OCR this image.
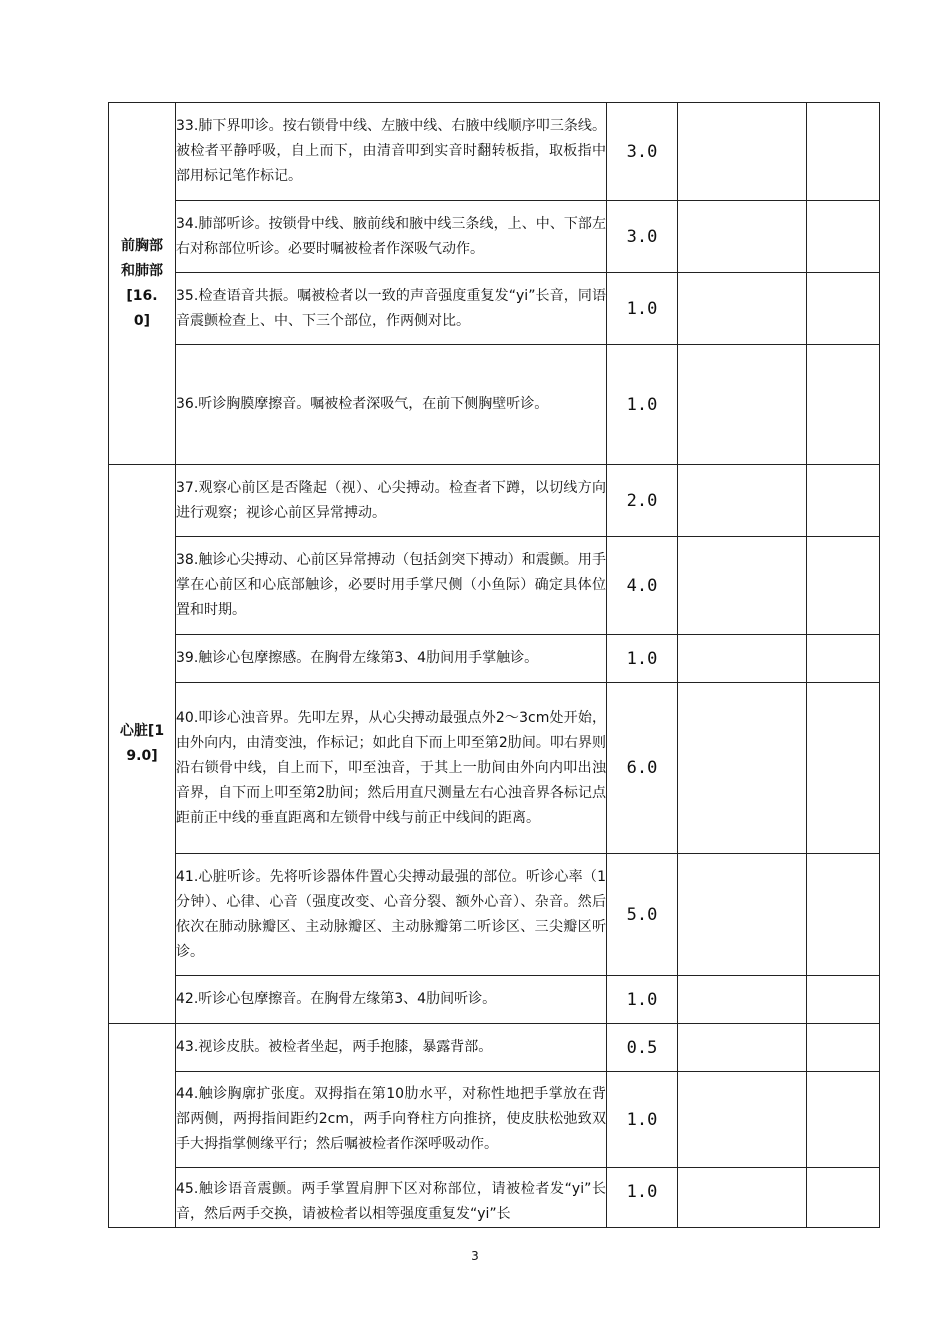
前胸部和肺部[16.0]	33.肺下界叩诊。按右锁骨中线、左腋中线、右腋中线顺序叩三条线。被检者平静呼吸，自上而下，由清音叩到实音时翻转板指，取板指中部用标记笔作标记。	3.0		
	34.肺部听诊。按锁骨中线、腋前线和腋中线三条线，上、中、下部左右对称部位听诊。必要时嘱被检者作深吸气动作。	3.0		
	35.检查语音共振。嘱被检者以一致的声音强度重复发“yi”长音，同语音震颤检查上、中、下三个部位，作两侧对比。	1.0		
	36.听诊胸膜摩擦音。嘱被检者深吸气，在前下侧胸壁听诊。	1.0		
心脏[19.0]	37.观察心前区是否隆起（视）、心尖搏动。检查者下蹲，以切线方向进行观察；视诊心前区异常搏动。	2.0		
	38.触诊心尖搏动、心前区异常搏动（包括剑突下搏动）和震颤。用手掌在心前区和心底部触诊，必要时用手掌尺侧（小鱼际）确定具体位置和时期。	4.0		
	39.触诊心包摩擦感。在胸骨左缘第3、4肋间用手掌触诊。	1.0		
	40.叩诊心浊音界。先叩左界，从心尖搏动最强点外2～3cm处开始，由外向内，由清变浊，作标记；如此自下而上叩至第2肋间。叩右界则沿右锁骨中线，自上而下，叩至浊音，于其上一肋间由外向内叩出浊音界，自下而上叩至第2肋间；然后用直尺测量左右心浊音界各标记点距前正中线的垂直距离和左锁骨中线与前正中线间的距离。	6.0		
	41.心脏听诊。先将听诊器体件置心尖搏动最强的部位。听诊心率（1分钟）、心律、心音（强度改变、心音分裂、额外心音）、杂音。然后依次在肺动脉瓣区、主动脉瓣区、主动脉瓣第二听诊区、三尖瓣区听诊。	5.0		
	42.听诊心包摩擦音。在胸骨左缘第3、4肋间听诊。	1.0		
	43.视诊皮肤。被检者坐起，两手抱膝，暴露背部。	0.5		
	44.触诊胸廓扩张度。双拇指在第10肋水平，对称性地把手掌放在背部两侧，两拇指间距约2cm，两手向脊柱方向推挤，使皮肤松弛致双手大拇指掌侧缘平行；然后嘱被检者作深呼吸动作。	1.0		
	45.触诊语音震颤。两手掌置肩胛下区对称部位，请被检者发“yi”长音，然后两手交换，请被检者以相等强度重复发“yi”长	1.0		
3
